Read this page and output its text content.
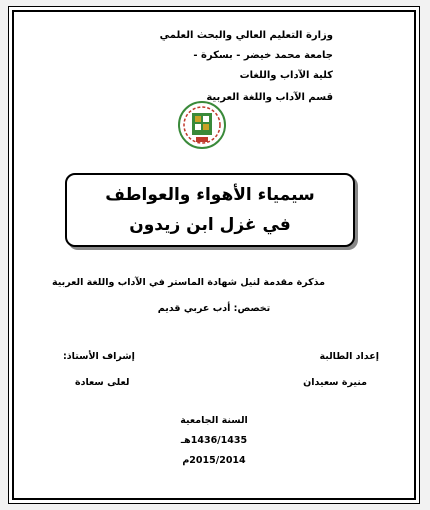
وزارة التعليم العالي والبحث العلمي
جامعة محمد خيضر - بسكرة -
كلية الآداب واللغات
قسم الآداب واللغة العربية
سيمياء الأهواء والعواطف
في غزل ابن زيدون
مذكرة مقدمة لنيل شهادة الماستر في الآداب واللغة العربية
تخصص: أدب عربي قديم
إعداد الطالبة
منيرة سعيدان
إشراف الأستاذ:
لعلى سعادة
السنة الجامعية
1436/1435هـ
2015/2014م
